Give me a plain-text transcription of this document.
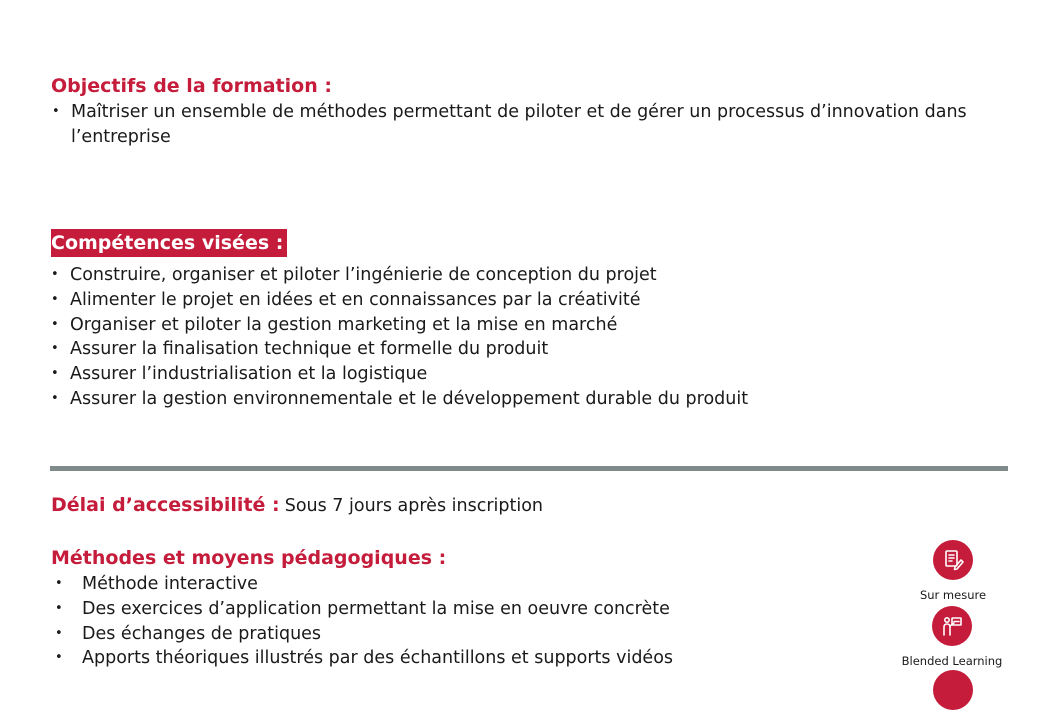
Objectifs de la formation :
• Maîtriser un ensemble de méthodes permettant de piloter et de gérer un processus d’innovation dans l’entreprise
Compétences visées :
• Construire, organiser et piloter l’ingénierie de conception du projet
• Alimenter le projet en idées et en connaissances par la créativité
• Organiser et piloter la gestion marketing et la mise en marché
• Assurer la finalisation technique et formelle du produit
• Assurer l’industrialisation et la logistique
• Assurer la gestion environnementale et le développement durable du produit
Délai d’accessibilité : Sous 7 jours après inscription
Méthodes et moyens pédagogiques :
• Méthode interactive
• Des exercices d’application permettant la mise en oeuvre concrète
• Des échanges de pratiques
• Apports théoriques illustrés par des échantillons et supports vidéos
Sur mesure
Blended Learning
